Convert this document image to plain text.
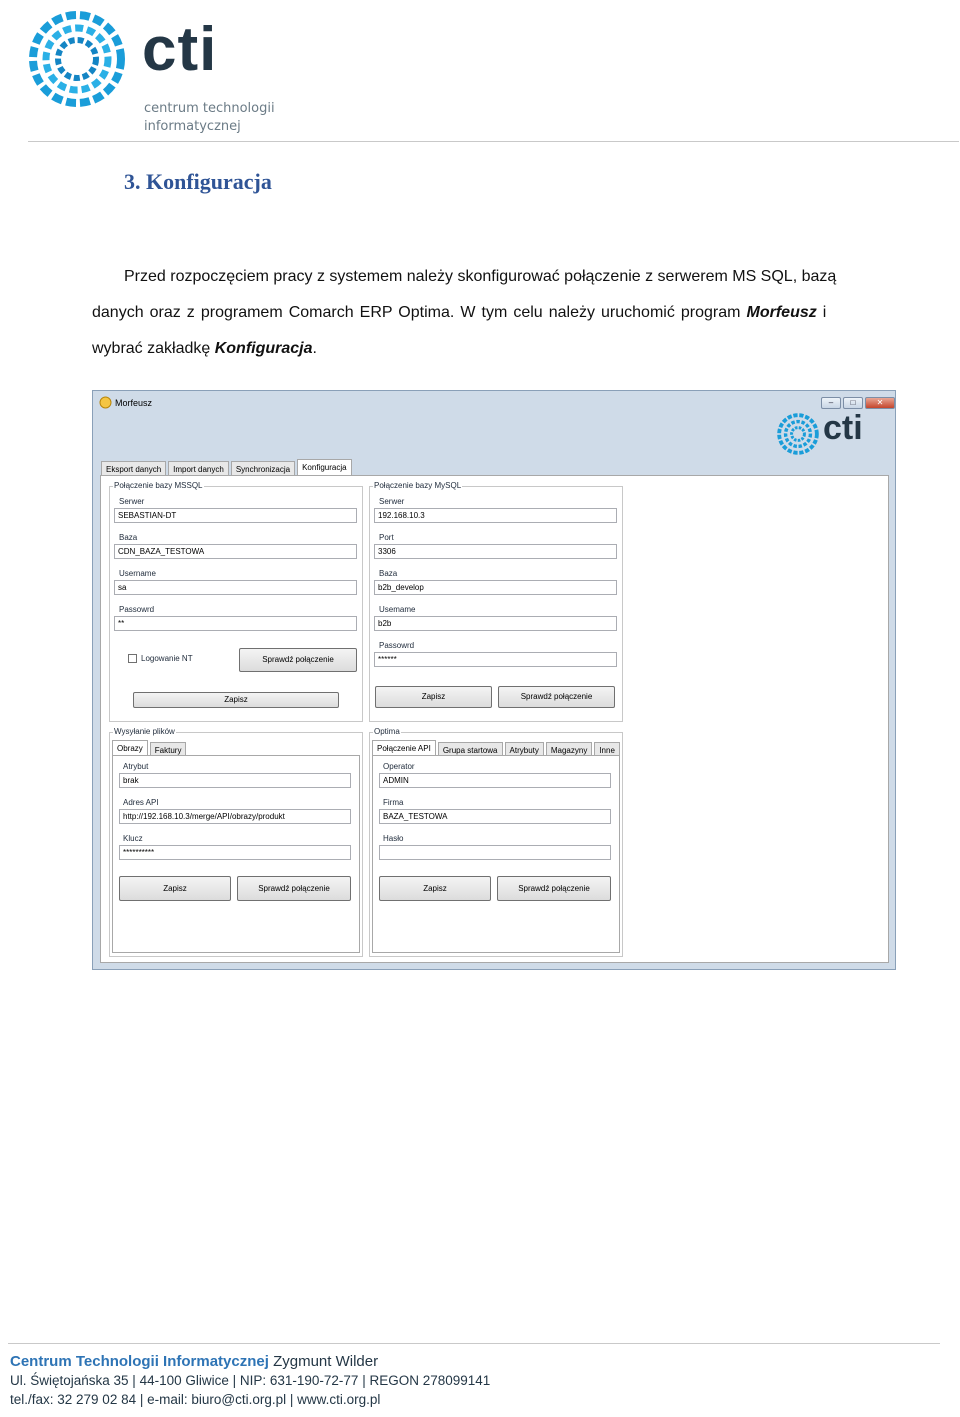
cti
centrum technologii
informatycznej
3. Konfiguracja
Przed rozpoczęciem pracy z systemem należy skonfigurować połączenie z serwerem MS SQL, bazą
danych oraz z programem Comarch ERP Optima. W tym celu należy uruchomić program Morfeusz i
wybrać zakładkę Konfiguracja.
Morfeusz	–	□	✕
cti
Eksport danych	Import danych	Synchronizacja	Konfiguracja
Połączenie bazy MSSQL
Serwer
SEBASTIAN-DT
Baza
CDN_BAZA_TESTOWA
Username
sa
Passowrd
**
Logowanie NT	Sprawdź połączenie
Zapisz
Połączenie bazy MySQL
Serwer
192.168.10.3
Port
3306
Baza
b2b_develop
Usemame
b2b
Passowrd
******
Zapisz	Sprawdź połączenie
Wysyłanie plików
Obrazy	Faktury
Atrybut
brak
Adres API
http://192.168.10.3/merge/API/obrazy/produkt
Klucz
**********
Zapisz	Sprawdź połączenie
Optima
Połączenie API	Grupa startowa	Atrybuty	Magazyny	Inne
Operator
ADMIN
Firma
BAZA_TESTOWA
Hasło
Zapisz	Sprawdź połączenie
Centrum Technologii Informatycznej Zygmunt Wilder
Ul. Świętojańska 35 | 44-100 Gliwice | NIP: 631-190-72-77 | REGON 278099141
tel./fax: 32 279 02 84 | e-mail: biuro@cti.org.pl | www.cti.org.pl
